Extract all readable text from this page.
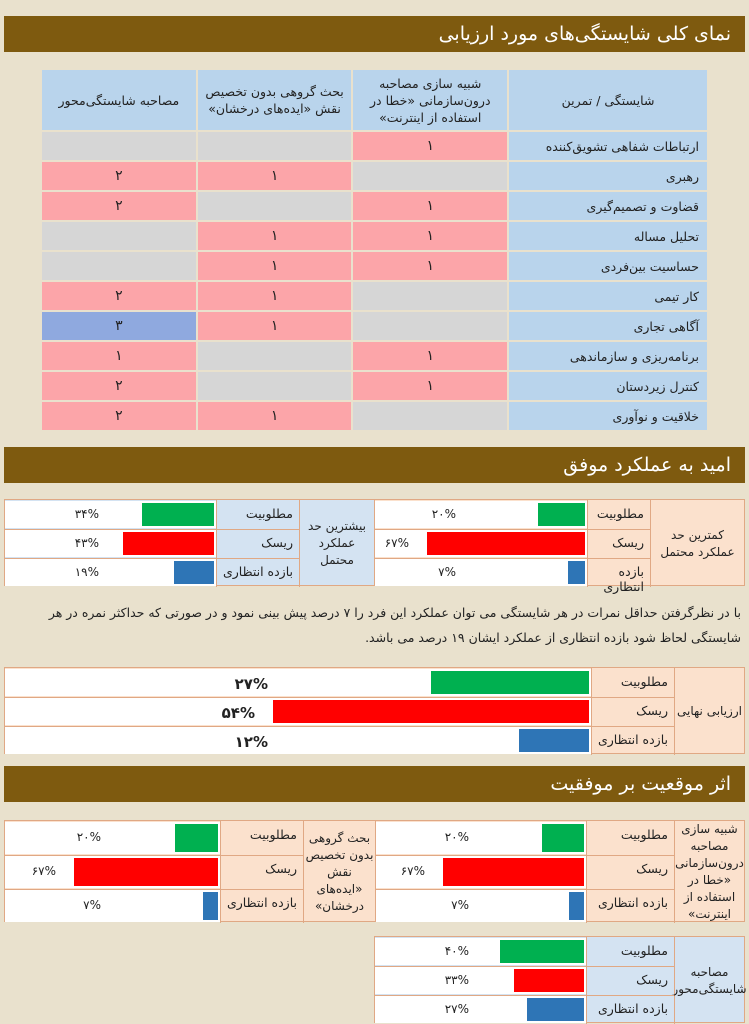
نمای کلی شایستگی‌های مورد ارزیابی
شایستگی / تمرین	شبیه سازی مصاحبه درون‌سازمانی «خطا در استفاده از اینترنت»	بحث گروهی بدون تخصیص نقش «ایده‌های درخشان»	مصاحبه شایستگی‌محور
ارتباطات شفاهی تشویق‌کننده	۱		
رهبری		۱	۲
قضاوت و تصمیم‌گیری	۱		۲
تحلیل مساله	۱	۱	
حساسیت بین‌فردی	۱	۱	
کار تیمی		۱	۲
آگاهی تجاری		۱	۳
برنامه‌ریزی و سازماندهی	۱		۱
کنترل زیردستان	۱		۲
خلاقیت و نوآوری		۱	۲
امید به عملکرد موفق
کمترین حد عملکرد محتمل
مطلوبیت
۲۰%
ریسک
۶۷%
بازده انتظاری
۷%
بیشترین حد عملکرد محتمل
مطلوبیت
۳۴%
ریسک
۴۳%
بازده انتظاری
۱۹%
با در نظرگرفتن حداقل نمرات در هر شایستگی می توان عملکرد این فرد را ۷ درصد پیش بینی نمود و در صورتی که حداکثر نمره در هر شایستگی لحاظ شود بازده انتظاری از عملکرد ایشان ۱۹ درصد می باشد.
ارزیابی نهایی
مطلوبیت
۲۷%
ریسک
۵۴%
بازده انتظاری
۱۲%
اثر موقعیت بر موفقیت
شبیه سازی مصاحبه درون‌سازمانی «خطا در استفاده از اینترنت»
مطلوبیت
۲۰%
ریسک
۶۷%
بازده انتظاری
۷%
بحث گروهی بدون تخصیص نقش «ایده‌های درخشان»
مطلوبیت
۲۰%
ریسک
۶۷%
بازده انتظاری
۷%
مصاحبه شایستگی‌محور
مطلوبیت
۴۰%
ریسک
۳۳%
بازده انتظاری
۲۷%
